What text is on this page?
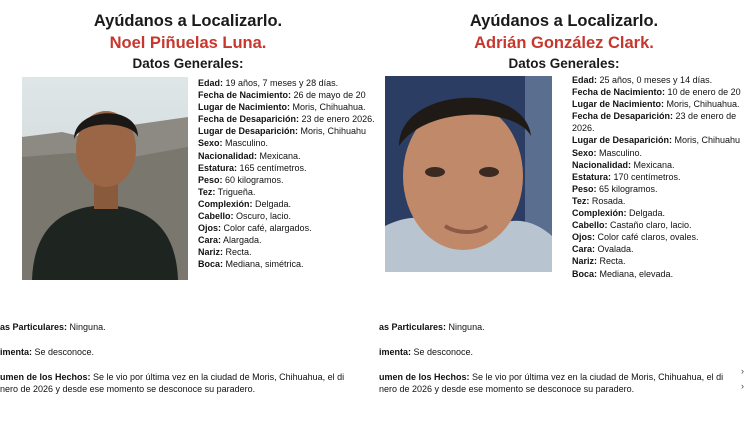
Ayúdanos a Localizarlo.
Noel Piñuelas Luna.
Datos Generales:
Edad: 19 años, 7 meses y 28 días.
Fecha de Nacimiento: 26 de mayo de 20
Lugar de Nacimiento: Moris, Chihuahua.
Fecha de Desaparición: 23 de enero 2026.
Lugar de Desaparición: Moris, Chihuahu
Sexo: Masculino.
Nacionalidad: Mexicana.
Estatura: 165 centímetros.
Peso: 60 kilogramos.
Tez: Trigueña.
Complexión: Delgada.
Cabello: Oscuro, lacio.
Ojos: Color café, alargados.
Cara: Alargada.
Nariz: Recta.
Boca: Mediana, simétrica.
as Particulares: Ninguna.
imenta: Se desconoce.
umen de los Hechos: Se le vio por última vez en la ciudad de Moris, Chihuahua, el di
nero de 2026 y desde ese momento se desconoce su paradero.
Ayúdanos a Localizarlo.
Adrián González Clark.
Datos Generales:
Edad: 25 años, 0 meses y 14 días.
Fecha de Nacimiento: 10 de enero de 20
Lugar de Nacimiento: Moris, Chihuahua.
Fecha de Desaparición: 23 de enero de 2026.
Lugar de Desaparición: Moris, Chihuahu
Sexo: Masculino.
Nacionalidad: Mexicana.
Estatura: 170 centímetros.
Peso: 65 kilogramos.
Tez: Rosada.
Complexión: Delgada.
Cabello: Castaño claro, lacio.
Ojos: Color café claros, ovales.
Cara: Ovalada.
Nariz: Recta.
Boca: Mediana, elevada.
as Particulares: Ninguna.
imenta: Se desconoce.
umen de los Hechos: Se le vio por última vez en la ciudad de Moris, Chihuahua, el di
nero de 2026 y desde ese momento se desconoce su paradero.
›
›
